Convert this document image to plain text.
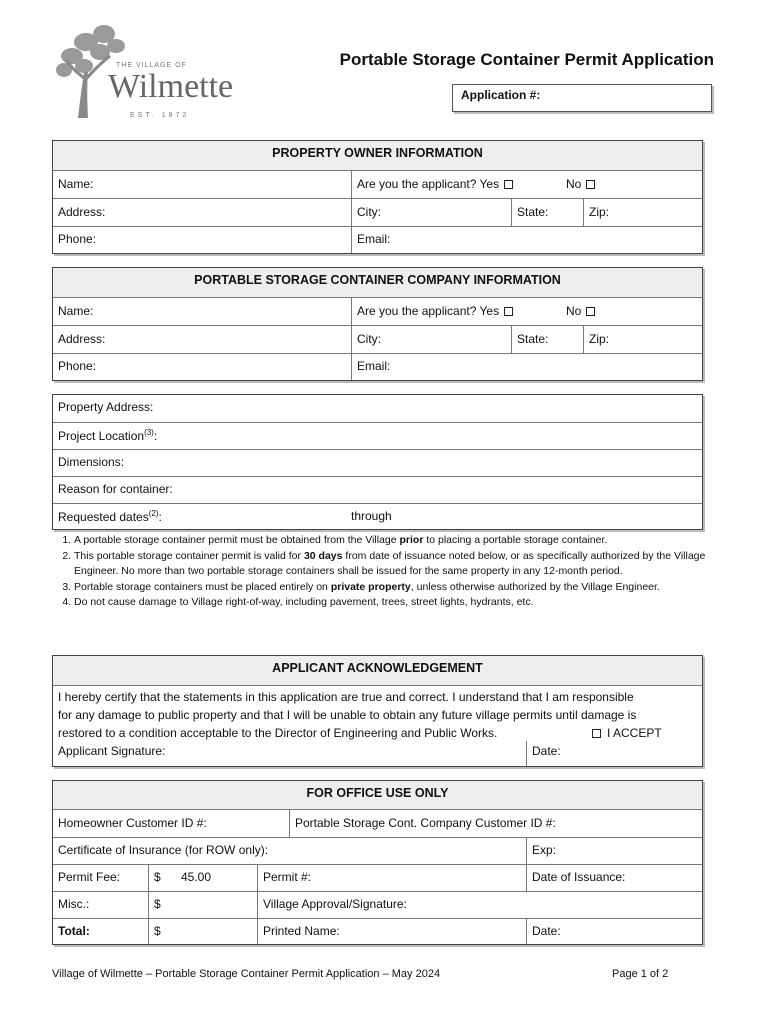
THE VILLAGE OF
Wilmette
EST. 1872
Portable Storage Container Permit Application
Application #:
PROPERTY OWNER INFORMATION
Name:	Are you the applicant? Yes	No
Address:	City:	State:	Zip:
Phone:	Email:
PORTABLE STORAGE CONTAINER COMPANY INFORMATION
Name:	Are you the applicant? Yes	No
Address:	City:	State:	Zip:
Phone:	Email:
Property Address:
Project Location$^{(3)}$:
Dimensions:
Reason for container:
Requested dates$^{(2)}$:	through
1. A portable storage container permit must be obtained from the Village prior to placing a portable storage container.
2. This portable storage container permit is valid for 30 days from date of issuance noted below, or as specifically authorized by the Village Engineer. No more than two portable storage containers shall be issued for the same property in any 12-month period.
3. Portable storage containers must be placed entirely on private property, unless otherwise authorized by the Village Engineer.
4. Do not cause damage to Village right-of-way, including pavement, trees, street lights, hydrants, etc.
APPLICANT ACKNOWLEDGEMENT
I hereby certify that the statements in this application are true and correct. I understand that I am responsible
for any damage to public property and that I will be unable to obtain any future village permits until damage is
restored to a condition acceptable to the Director of Engineering and Public Works.	I ACCEPT
Applicant Signature:	Date:
FOR OFFICE USE ONLY
Homeowner Customer ID #:	Portable Storage Cont. Company Customer ID #:
Certificate of Insurance (for ROW only):	Exp:
Permit Fee:	$ 45.00	Permit #:	Date of Issuance:
Misc.:	$	Village Approval/Signature:
Total:	$	Printed Name:	Date:
Village of Wilmette – Portable Storage Container Permit Application – May 2024	Page 1 of 2
